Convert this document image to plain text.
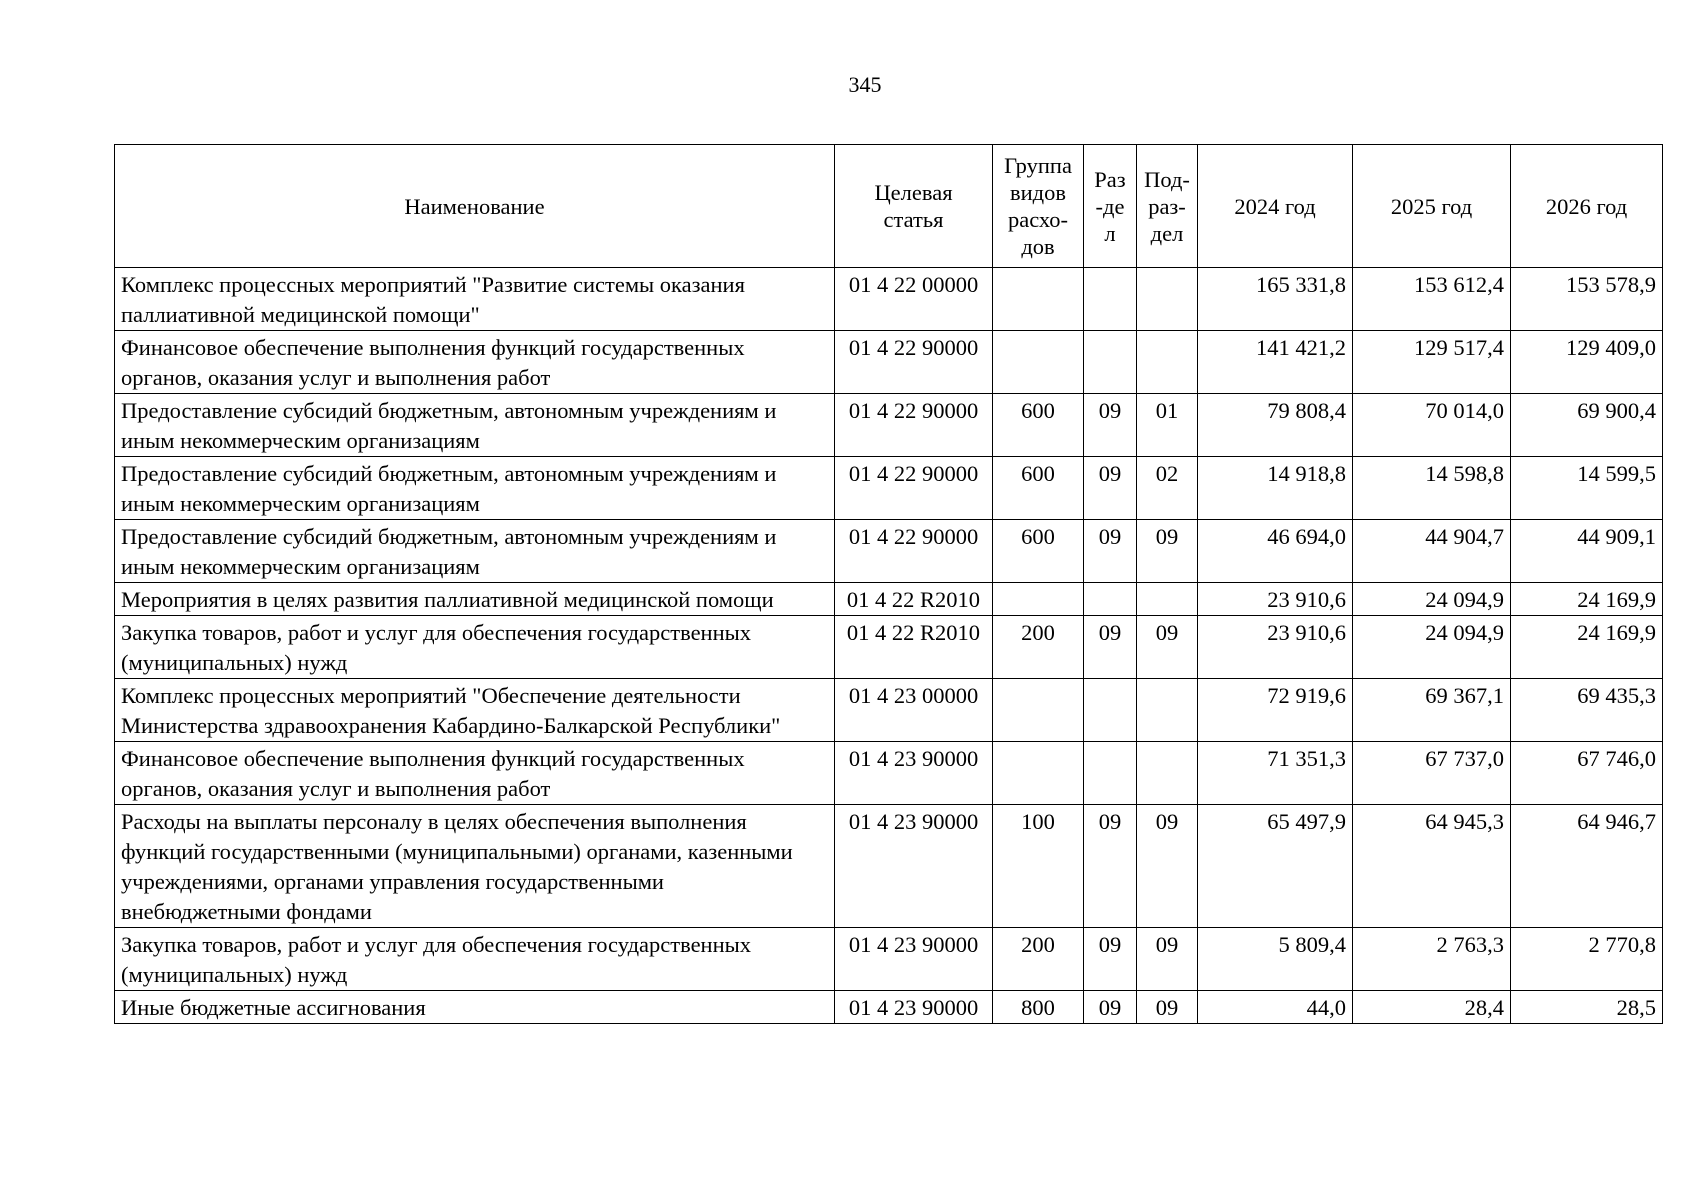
345
Наименование	Целевая статья	Группа видов расхо-дов	Раз-дел	Под-раз-дел	2024 год	2025 год	2026 год
Комплекс процессных мероприятий "Развитие системы оказания паллиативной медицинской помощи"	01 4 22 00000				165 331,8	153 612,4	153 578,9
Финансовое обеспечение выполнения функций государственных органов, оказания услуг и выполнения работ	01 4 22 90000				141 421,2	129 517,4	129 409,0
Предоставление субсидий бюджетным, автономным учреждениям и иным некоммерческим организациям	01 4 22 90000	600	09	01	79 808,4	70 014,0	69 900,4
Предоставление субсидий бюджетным, автономным учреждениям и иным некоммерческим организациям	01 4 22 90000	600	09	02	14 918,8	14 598,8	14 599,5
Предоставление субсидий бюджетным, автономным учреждениям и иным некоммерческим организациям	01 4 22 90000	600	09	09	46 694,0	44 904,7	44 909,1
Мероприятия в целях развития паллиативной медицинской помощи	01 4 22 R2010				23 910,6	24 094,9	24 169,9
Закупка товаров, работ и услуг для обеспечения государственных (муниципальных) нужд	01 4 22 R2010	200	09	09	23 910,6	24 094,9	24 169,9
Комплекс процессных мероприятий "Обеспечение деятельности Министерства здравоохранения Кабардино-Балкарской Республики"	01 4 23 00000				72 919,6	69 367,1	69 435,3
Финансовое обеспечение выполнения функций государственных органов, оказания услуг и выполнения работ	01 4 23 90000				71 351,3	67 737,0	67 746,0
Расходы на выплаты персоналу в целях обеспечения выполнения функций государственными (муниципальными) органами, казенными учреждениями, органами управления государственными внебюджетными фондами	01 4 23 90000	100	09	09	65 497,9	64 945,3	64 946,7
Закупка товаров, работ и услуг для обеспечения государственных (муниципальных) нужд	01 4 23 90000	200	09	09	5 809,4	2 763,3	2 770,8
Иные бюджетные ассигнования	01 4 23 90000	800	09	09	44,0	28,4	28,5
